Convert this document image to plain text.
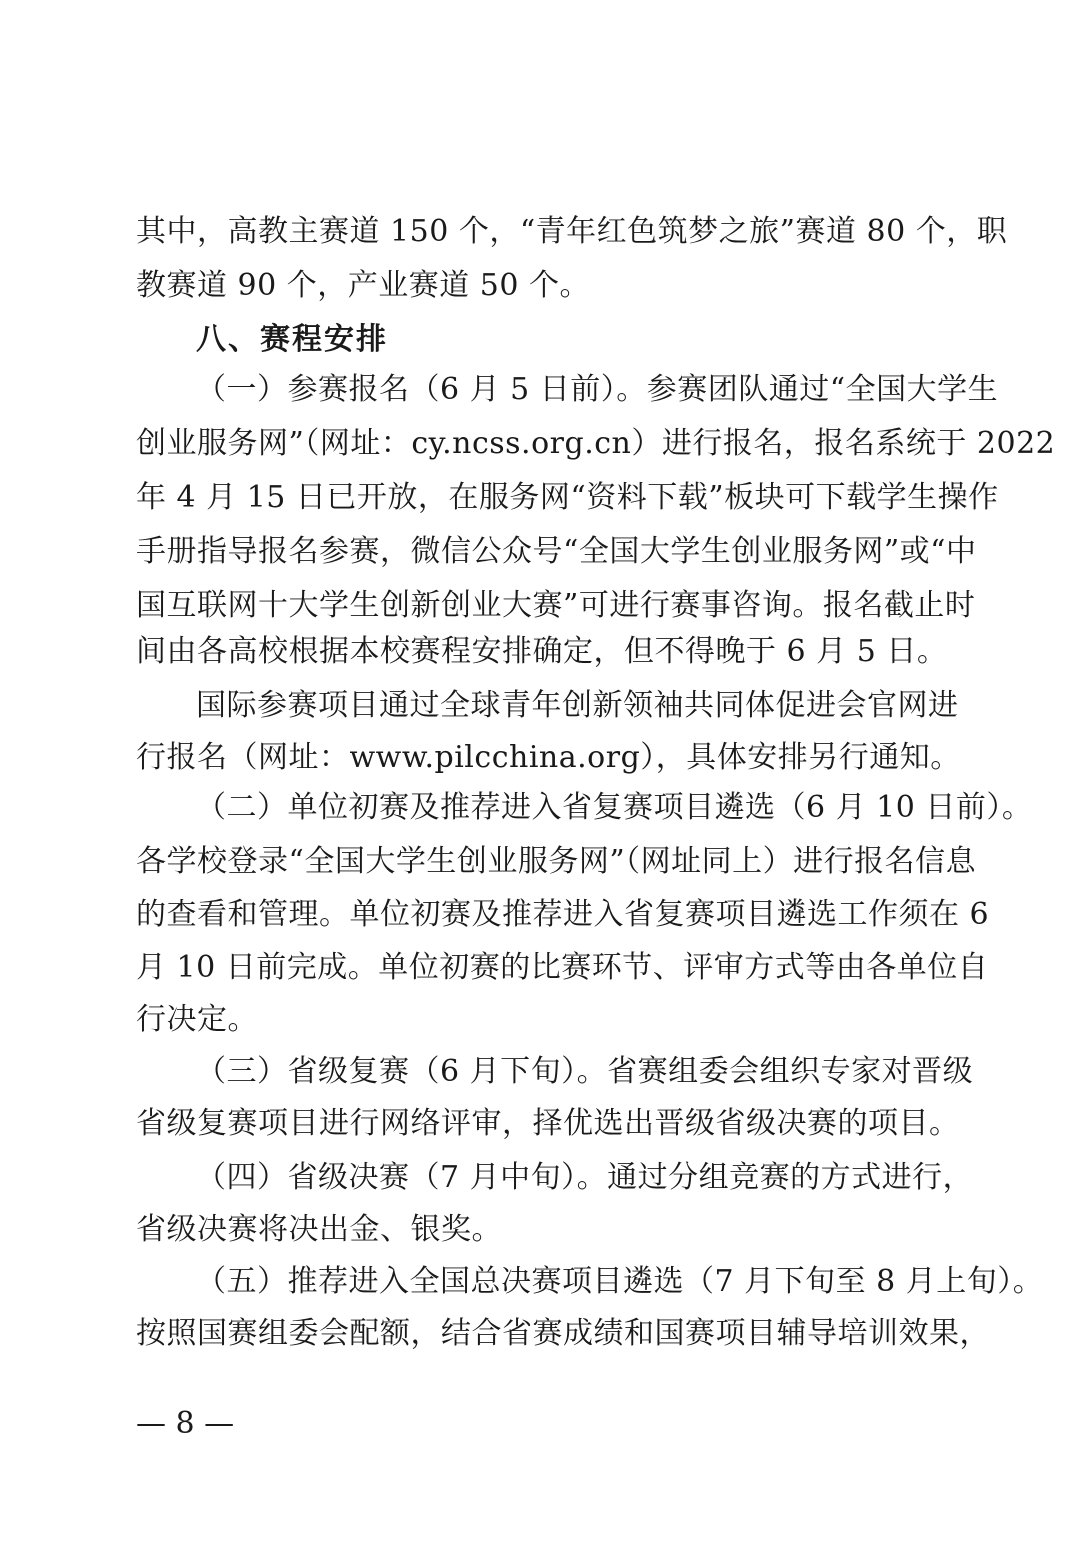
其中，高教主赛道 150 个，“青年红色筑梦之旅”赛道 80 个，职
教赛道 90 个，产业赛道 50 个。
八、赛程安排
（一）参赛报名（6 月 5 日前）。参赛团队通过“全国大学生
创业服务网”（网址：cy.ncss.org.cn）进行报名，报名系统于 2022
年 4 月 15 日已开放，在服务网“资料下载”板块可下载学生操作
手册指导报名参赛，微信公众号“全国大学生创业服务网”或“中
国互联网十大学生创新创业大赛”可进行赛事咨询。报名截止时
间由各高校根据本校赛程安排确定，但不得晚于 6 月 5 日。
国际参赛项目通过全球青年创新领袖共同体促进会官网进
行报名（网址：www.pilcchina.org），具体安排另行通知。
（二）单位初赛及推荐进入省复赛项目遴选（6 月 10 日前）。
各学校登录“全国大学生创业服务网”（网址同上）进行报名信息
的查看和管理。单位初赛及推荐进入省复赛项目遴选工作须在 6
月 10 日前完成。单位初赛的比赛环节、评审方式等由各单位自
行决定。
（三）省级复赛（6 月下旬）。省赛组委会组织专家对晋级
省级复赛项目进行网络评审，择优选出晋级省级决赛的项目。
（四）省级决赛（7 月中旬）。通过分组竞赛的方式进行，
省级决赛将决出金、银奖。
（五）推荐进入全国总决赛项目遴选（7 月下旬至 8 月上旬）。
按照国赛组委会配额，结合省赛成绩和国赛项目辅导培训效果，
— 8 —
